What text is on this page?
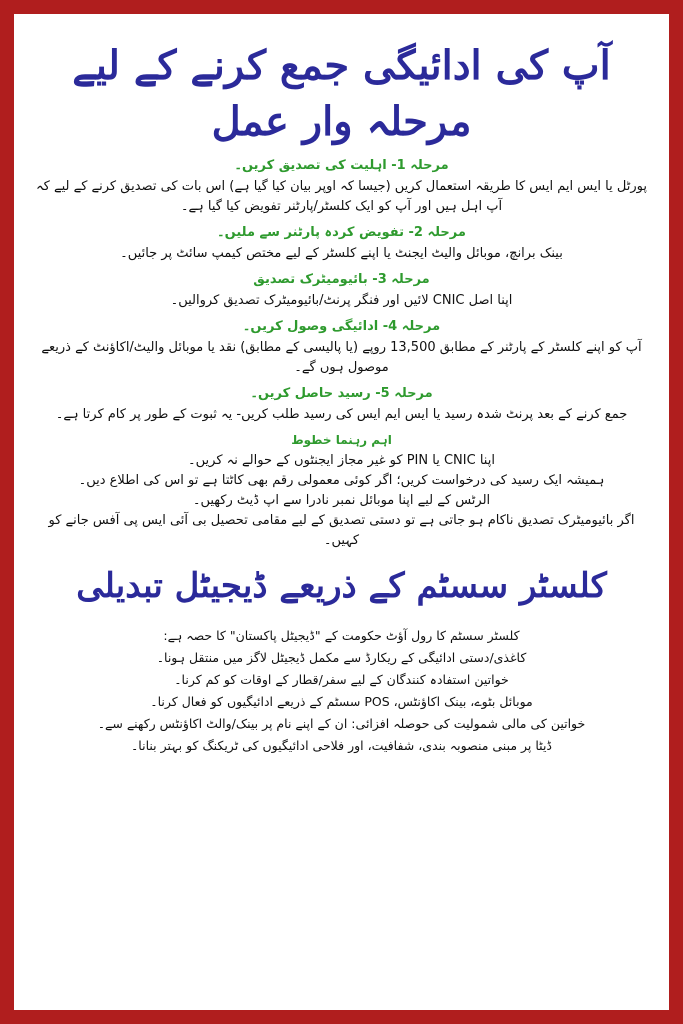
آپ کی ادائیگی جمع کرنے کے لیے مرحلہ وار عمل

مرحلہ 1- اہلیت کی تصدیق کریں۔

پورٹل یا ایس ایم ایس کا طریقہ استعمال کریں (جیسا کہ اوپر بیان کیا گیا ہے) اس بات کی تصدیق کرنے کے لیے کہ آپ اہل ہیں اور آپ کو ایک کلسٹر/پارٹنر تفویض کیا گیا ہے۔

مرحلہ 2- تفویض کردہ پارٹنر سے ملیں۔

بینک برانچ، موبائل والیٹ ایجنٹ یا اپنے کلسٹر کے لیے مختص کیمپ سائٹ پر جائیں۔

مرحلہ 3- بائیومیٹرک تصدیق

اپنا اصل CNIC لائیں اور فنگر پرنٹ/بائیومیٹرک تصدیق کروالیں۔

مرحلہ 4- ادائیگی وصول کریں۔

آپ کو اپنے کلسٹر کے پارٹنر کے مطابق 13,500 روپے (یا پالیسی کے مطابق) نقد یا موبائل والیٹ/اکاؤنٹ کے ذریعے موصول ہوں گے۔

مرحلہ 5- رسید حاصل کریں۔

جمع کرنے کے بعد پرنٹ شدہ رسید یا ایس ایم ایس کی رسید طلب کریں- یہ ثبوت کے طور پر کام کرتا ہے۔

اہم رہنما خطوط

اپنا CNIC یا PIN کو غیر مجاز ایجنٹوں کے حوالے نہ کریں۔

ہمیشہ ایک رسید کی درخواست کریں؛ اگر کوئی معمولی رقم بھی کاٹتا ہے تو اس کی اطلاع دیں۔

الرٹس کے لیے اپنا موبائل نمبر نادرا سے اپ ڈیٹ رکھیں۔

اگر بائیومیٹرک تصدیق ناکام ہو جاتی ہے تو دستی تصدیق کے لیے مقامی تحصیل بی آئی ایس پی آفس جانے کو کہیں۔

کلسٹر سسٹم کے ذریعے ڈیجیٹل تبدیلی

کلسٹر سسٹم کا رول آؤٹ حکومت کے "ڈیجیٹل پاکستان" کا حصہ ہے:

کاغذی/دستی ادائیگی کے ریکارڈ سے مکمل ڈیجیٹل لاگز میں منتقل ہونا۔

خواتین استفادہ کنندگان کے لیے سفر/قطار کے اوقات کو کم کرنا۔

موبائل بٹوے، بینک اکاؤنٹس، POS سسٹم کے ذریعے ادائیگیوں کو فعال کرنا۔

خواتین کی مالی شمولیت کی حوصلہ افزائی: ان کے اپنے نام پر بینک/والٹ اکاؤنٹس رکھنے سے۔

ڈیٹا پر مبنی منصوبہ بندی، شفافیت، اور فلاحی ادائیگیوں کی ٹریکنگ کو بہتر بنانا۔
